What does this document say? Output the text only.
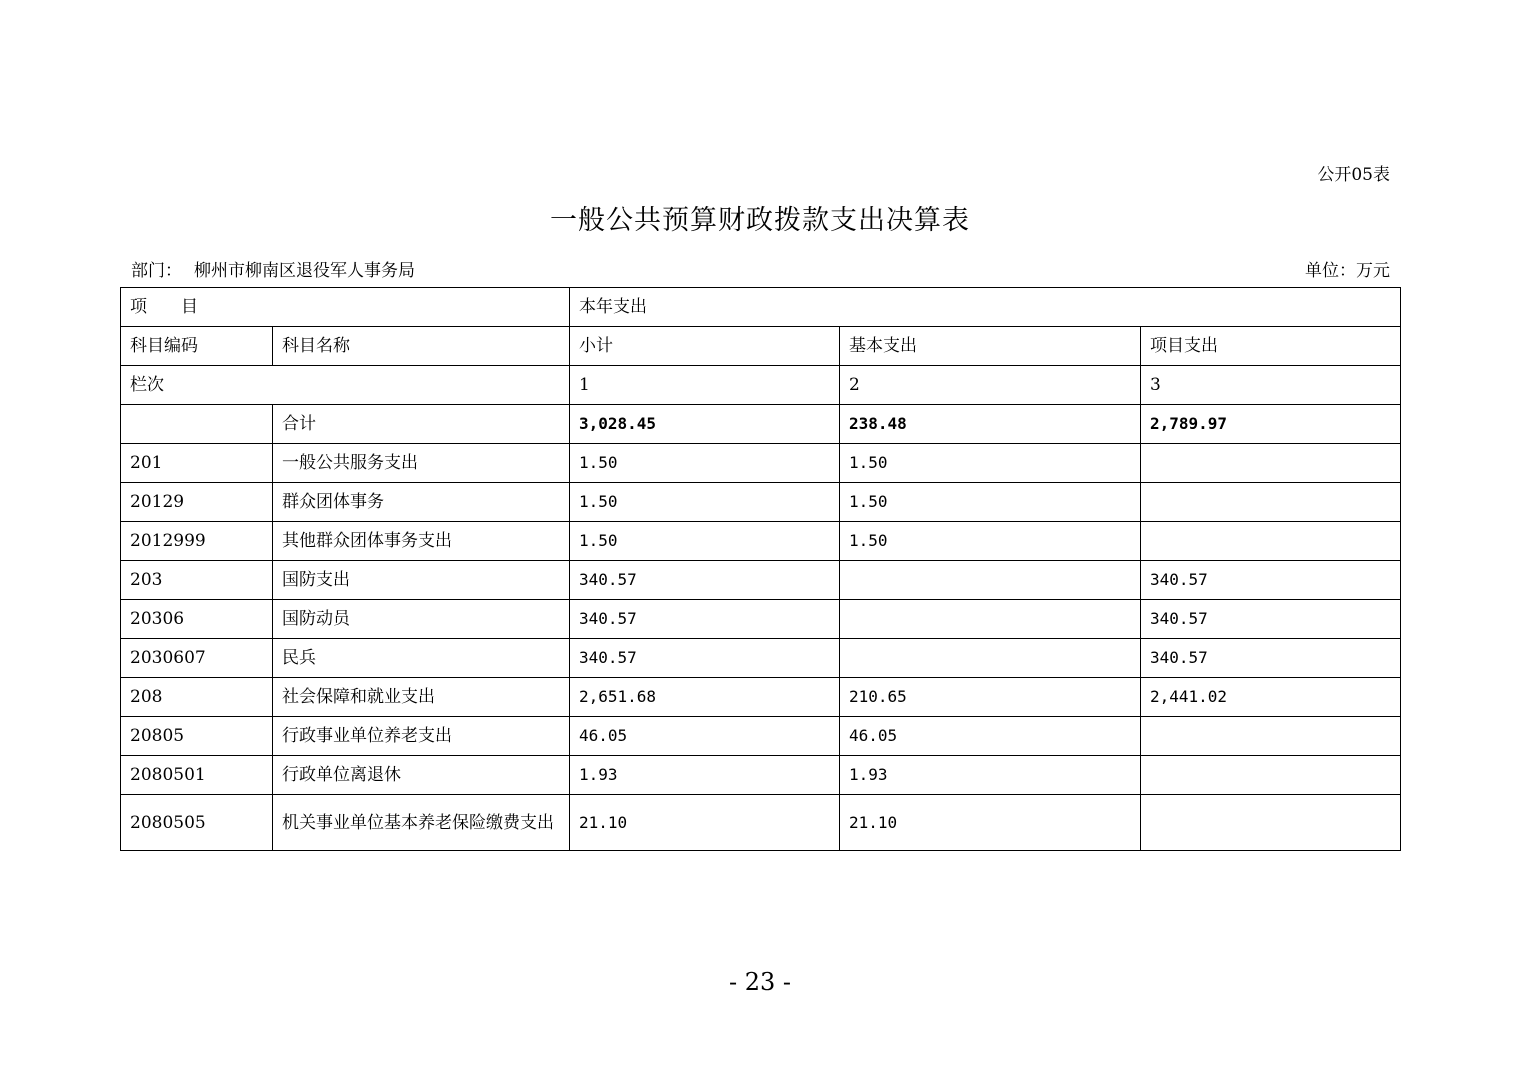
公开05表
一般公共预算财政拨款支出决算表
部门： 柳州市柳南区退役军人事务局	单位：万元
项　　目		本年支出		
科目编码	科目名称	小计	基本支出	项目支出
栏次		1	2	3
	合计	3,028.45	238.48	2,789.97
201	一般公共服务支出	1.50	1.50	
20129	群众团体事务	1.50	1.50	
2012999	其他群众团体事务支出	1.50	1.50	
203	国防支出	340.57		340.57
20306	国防动员	340.57		340.57
2030607	民兵	340.57		340.57
208	社会保障和就业支出	2,651.68	210.65	2,441.02
20805	行政事业单位养老支出	46.05	46.05	
2080501	行政单位离退休	1.93	1.93	
2080505	机关事业单位基本养老保险缴费支出	21.10	21.10	
- 23 -
